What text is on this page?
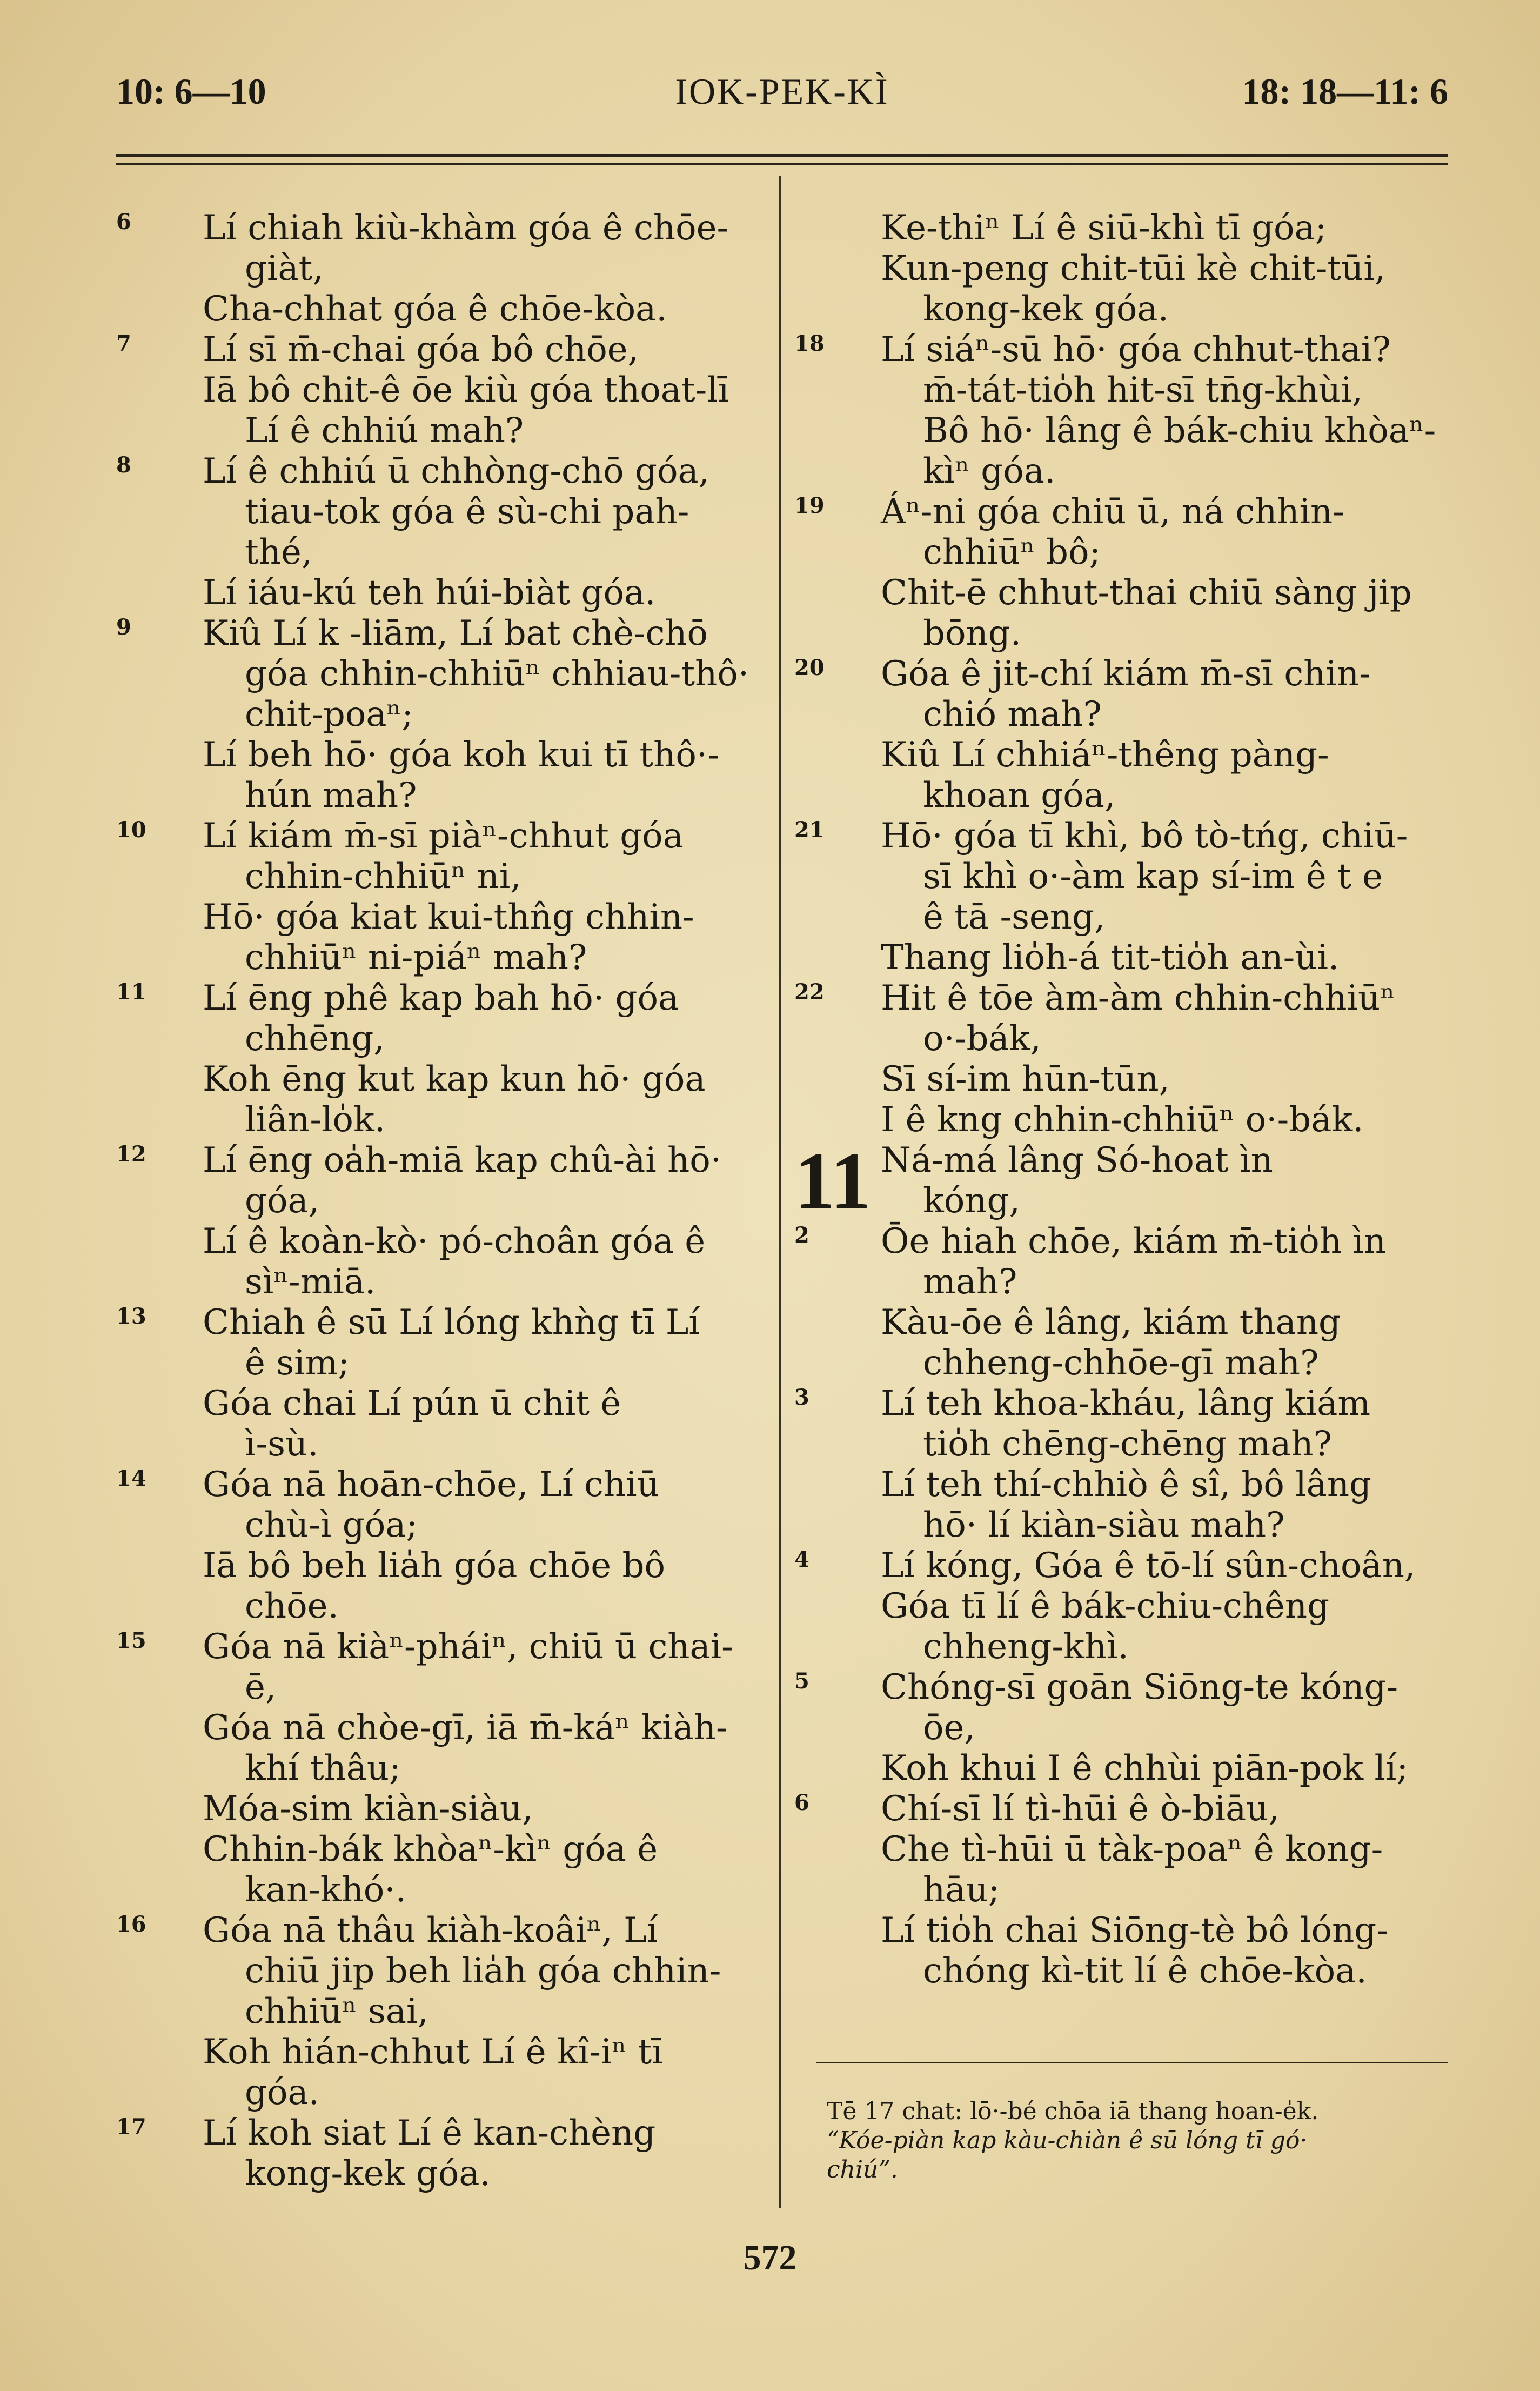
10: 6—10	IOK-PEK-KÌ	18: 18—11: 6
6 Lí chiah kiù-khàm góa ê chōe-
giàt,
Cha-chhat góa ê chōe-kòa.
7 Lí sī m̄-chai góa bô chōe,
Iā bô chit-ê ōe kiù góa thoat-lī
Lí ê chhiú mah?
8 Lí ê chhiú ū chhòng-chō góa,
tiau-tok góa ê sù-chi pah-
thé,
Lí iáu-kú teh húi-biàt góa.
9 Kiû Lí k -liām, Lí bat chè-chō
góa chhin-chhiūⁿ chhiau-thô·
chit-poaⁿ;
Lí beh hō· góa koh kui tī thô·-
hún mah?
10 Lí kiám m̄-sī piàⁿ-chhut góa
chhin-chhiūⁿ ni,
Hō· góa kiat kui-thn̂g chhin-
chhiūⁿ ni-piáⁿ mah?
11 Lí ēng phê kap bah hō· góa
chhēng,
Koh ēng kut kap kun hō· góa
liân-lo̍k.
12 Lí ēng oa̍h-miā kap chû-ài hō·
góa,
Lí ê koàn-kò· pó-choân góa ê
sìⁿ-miā.
13 Chiah ê sū Lí lóng khǹg tī Lí
ê sim;
Góa chai Lí pún ū chit ê
ì-sù.
14 Góa nā hoān-chōe, Lí chiū
chù-ì góa;
Iā bô beh lia̍h góa chōe bô
chōe.
15 Góa nā kiàⁿ-pháiⁿ, chiū ū chai-
ē,
Góa nā chòe-gī, iā m̄-káⁿ kiàh-
khí thâu;
Móa-sim kiàn-siàu,
Chhin-bák khòaⁿ-kìⁿ góa ê
kan-khó·.
16 Góa nā thâu kiàh-koâiⁿ, Lí
chiū jip beh lia̍h góa chhin-
chhiūⁿ sai,
Koh hián-chhut Lí ê kî-iⁿ tī
góa.
17 Lí koh siat Lí ê kan-chèng
kong-kek góa.
Ke-thiⁿ Lí ê siū-khì tī góa;
Kun-peng chit-tūi kè chit-tūi,
kong-kek góa.
18 Lí siáⁿ-sū hō· góa chhut-thai?
m̄-tát-tio̍h hit-sī tn̄g-khùi,
Bô hō· lâng ê bák-chiu khòaⁿ-
kìⁿ góa.
19 Áⁿ-ni góa chiū ū, ná chhin-
chhiūⁿ bô;
Chit-ē chhut-thai chiū sàng jip
bōng.
20 Góa ê jit-chí kiám m̄-sī chin-
chió mah?
Kiû Lí chhiáⁿ-thêng pàng-
khoan góa,
21 Hō· góa tī khì, bô tò-tńg, chiū-
sī khì o·-àm kap sí-im ê t e
ê tā -seng,
Thang lio̍h-á tit-tio̍h an-ùi.
22 Hit ê tōe àm-àm chhin-chhiūⁿ
o·-bák,
Sī sí-im hūn-tūn,
I ê kng chhin-chhiūⁿ o·-bák.
11 Ná-má lâng Só-hoat ìn
kóng,
2 Ōe hiah chōe, kiám m̄-tio̍h ìn
mah?
Kàu-ōe ê lâng, kiám thang
chheng-chhōe-gī mah?
3 Lí teh khoa-kháu, lâng kiám
tio̍h chēng-chēng mah?
Lí teh thí-chhiò ê sî, bô lâng
hō· lí kiàn-siàu mah?
4 Lí kóng, Góa ê tō-lí sûn-choân,
Góa tī lí ê bák-chiu-chêng
chheng-khì.
5 Chóng-sī goān Siōng-te kóng-
ōe,
Koh khui I ê chhùi piān-pok lí;
6 Chí-sī lí tì-hūi ê ò-biāu,
Che tì-hūi ū tàk-poaⁿ ê kong-
hāu;
Lí tio̍h chai Siōng-tè bô lóng-
chóng kì-tit lí ê chōe-kòa.
Tē 17 chat: lō·-bé chōa iā thang hoan-e̍k.
“Kóe-piàn kap kàu-chiàn ê sū lóng tī gó·
chiú”.
572
